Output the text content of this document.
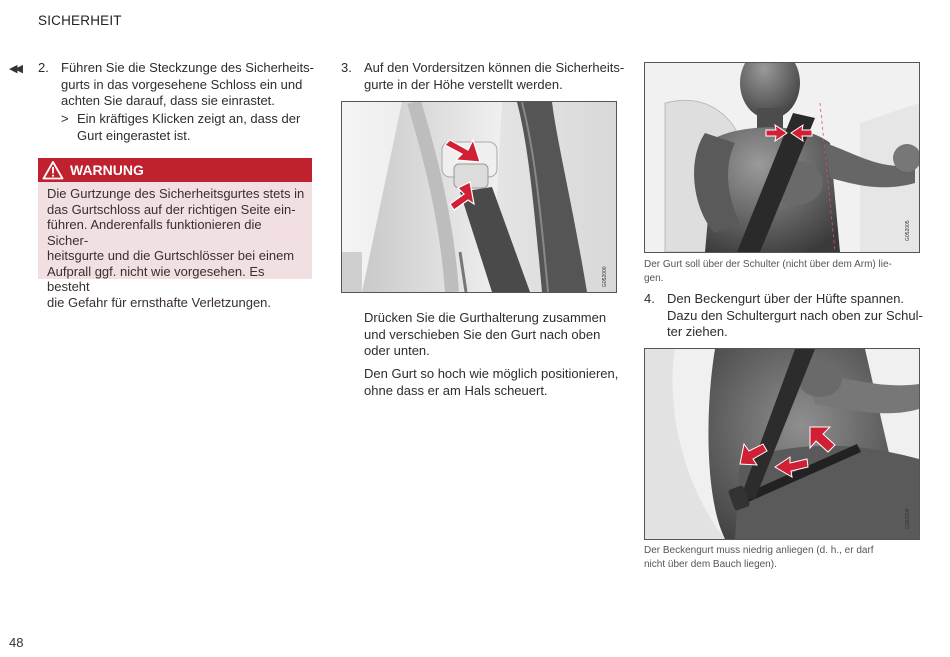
SICHERHEIT
◀◀ 2. Führen Sie die Steckzunge des Sicherheits-
gurts in das vorgesehene Schloss ein und
achten Sie darauf, dass sie einrastet.
> Ein kräftiges Klicken zeigt an, dass der
Gurt eingerastet ist.
WARNUNG
Die Gurtzunge des Sicherheitsgurtes stets in
das Gurtschloss auf der richtigen Seite ein-
führen. Anderenfalls funktionieren die Sicher-
heitsgurte und die Gurtschlösser bei einem
Aufprall ggf. nicht wie vorgesehen. Es besteht
die Gefahr für ernsthafte Verletzungen.
3. Auf den Vordersitzen können die Sicherheits-
gurte in der Höhe verstellt werden.
G052000
Drücken Sie die Gurthalterung zusammen
und verschieben Sie den Gurt nach oben
oder unten.
Den Gurt so hoch wie möglich positionieren,
ohne dass er am Hals scheuert.
G052005
Der Gurt soll über der Schulter (nicht über dem Arm) lie-
gen.
4. Den Beckengurt über der Hüfte spannen.
Dazu den Schultergurt nach oben zur Schul-
ter ziehen.
G052004
Der Beckengurt muss niedrig anliegen (d. h., er darf
nicht über dem Bauch liegen).
48
